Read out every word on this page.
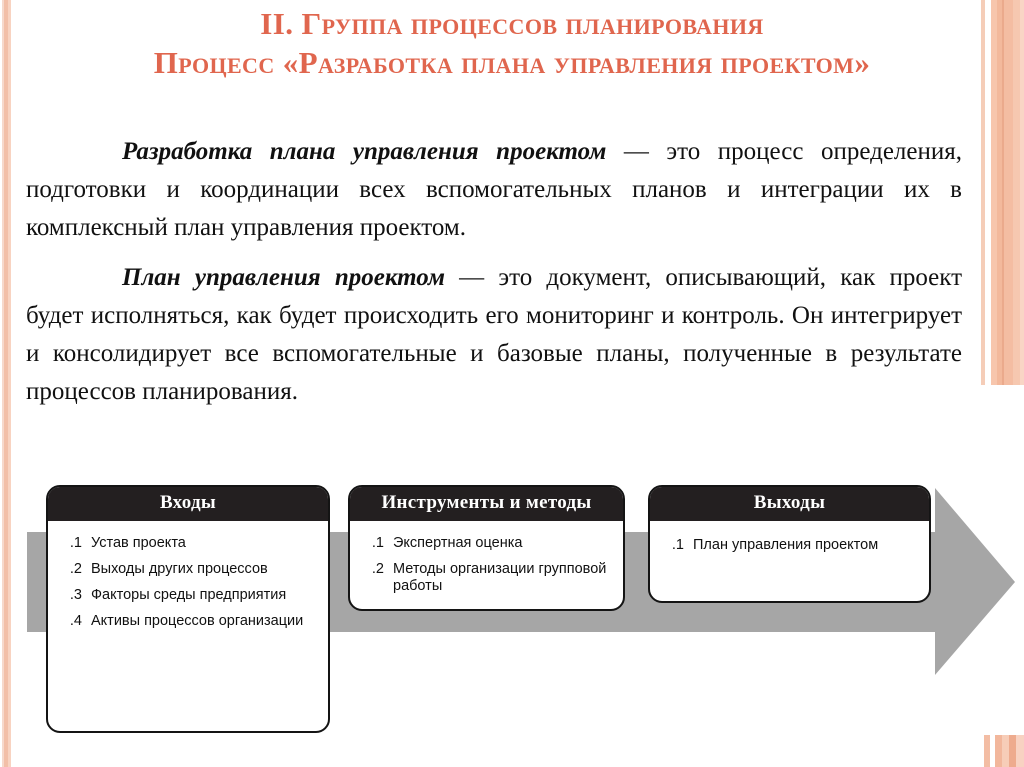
II. Группа процессов планирования
Процесс «Разработка плана управления проектом»

Разработка плана управления проектом — это процесс определения, подготовки и координации всех вспомогательных планов и интеграции их в комплексный план управления проектом.

План управления проектом — это документ, описывающий, как проект будет исполняться, как будет происходить его мониторинг и контроль. Он интегрирует и консолидирует все вспомогательные и базовые планы, полученные в результате процессов планирования.

Входы
.1 Устав проекта
.2 Выходы других процессов
.3 Факторы среды предприятия
.4 Активы процессов организации
Инструменты и методы
.1 Экспертная оценка
.2 Методы организации групповой работы
Выходы
.1 План управления проектом
